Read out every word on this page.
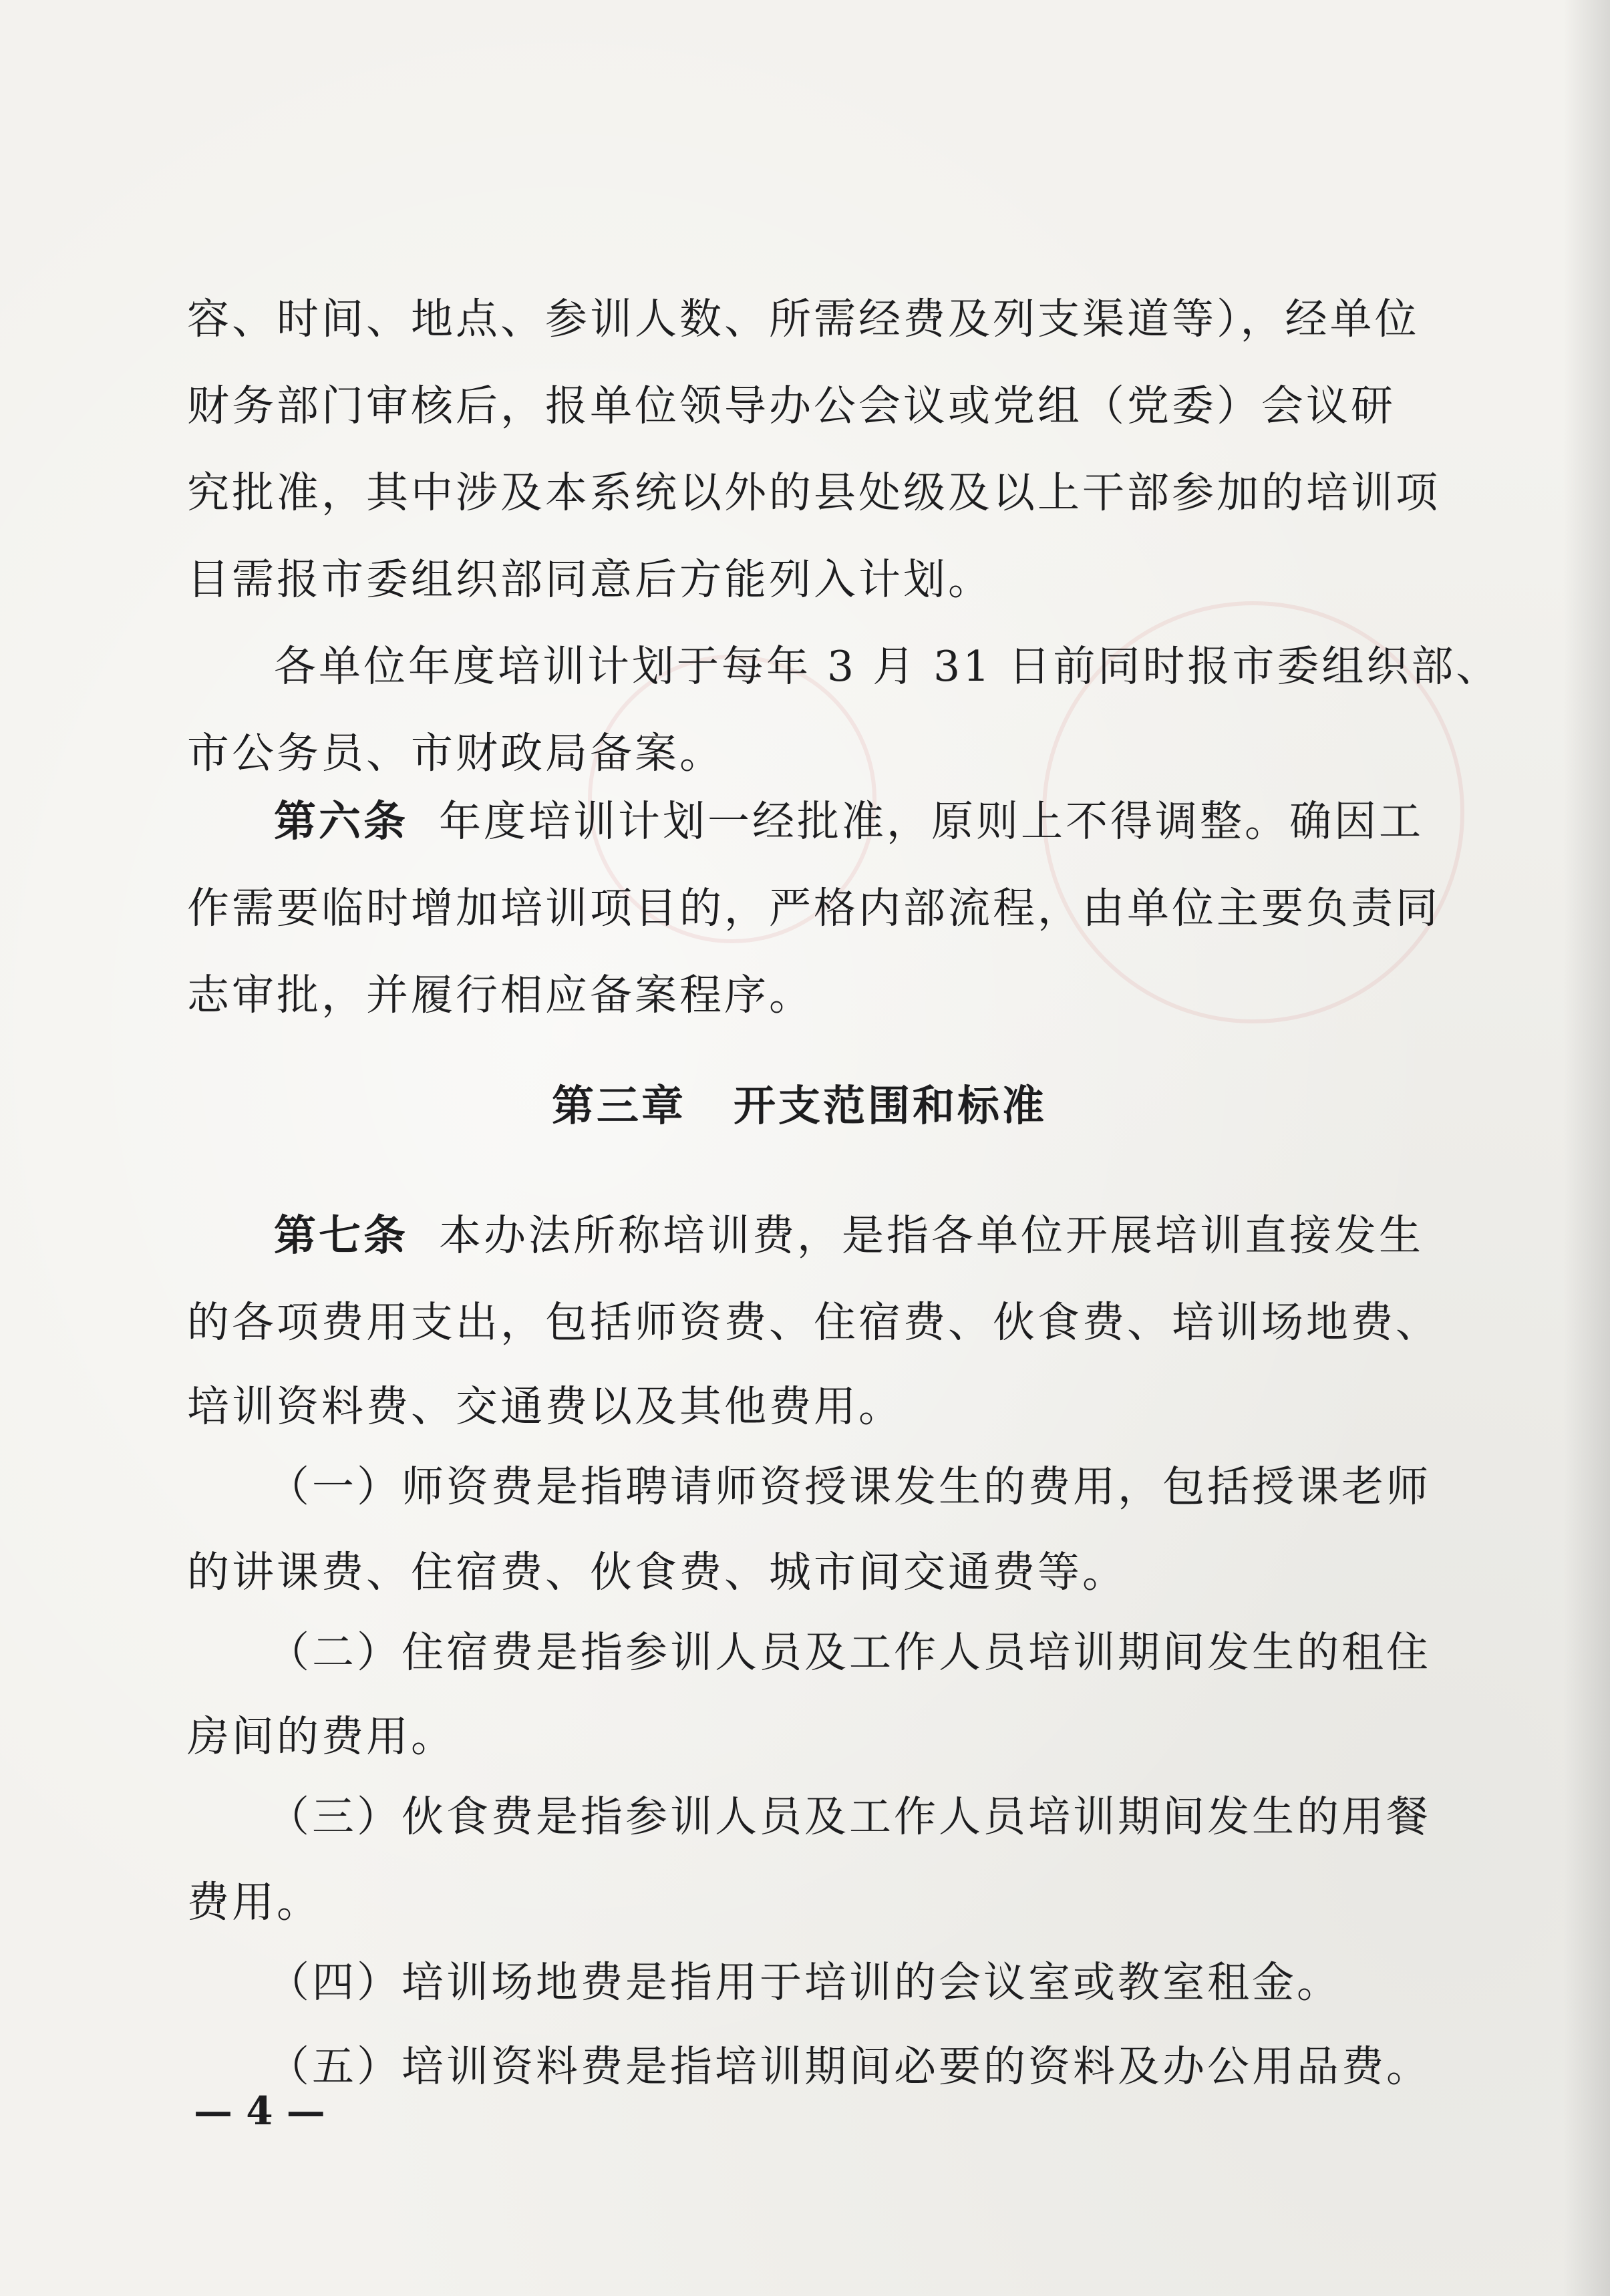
容、时间、地点、参训人数、所需经费及列支渠道等），经单位
财务部门审核后，报单位领导办公会议或党组（党委）会议研
究批准，其中涉及本系统以外的县处级及以上干部参加的培训项
目需报市委组织部同意后方能列入计划。
各单位年度培训计划于每年 3 月 31 日前同时报市委组织部、
市公务员、市财政局备案。
第六条 年度培训计划一经批准，原则上不得调整。确因工
作需要临时增加培训项目的，严格内部流程，由单位主要负责同
志审批，并履行相应备案程序。
第三章 开支范围和标准
第七条 本办法所称培训费，是指各单位开展培训直接发生
的各项费用支出，包括师资费、住宿费、伙食费、培训场地费、
培训资料费、交通费以及其他费用。
（一）师资费是指聘请师资授课发生的费用，包括授课老师
的讲课费、住宿费、伙食费、城市间交通费等。
（二）住宿费是指参训人员及工作人员培训期间发生的租住
房间的费用。
（三）伙食费是指参训人员及工作人员培训期间发生的用餐
费用。
（四）培训场地费是指用于培训的会议室或教室租金。
（五）培训资料费是指培训期间必要的资料及办公用品费。
— 4 —
